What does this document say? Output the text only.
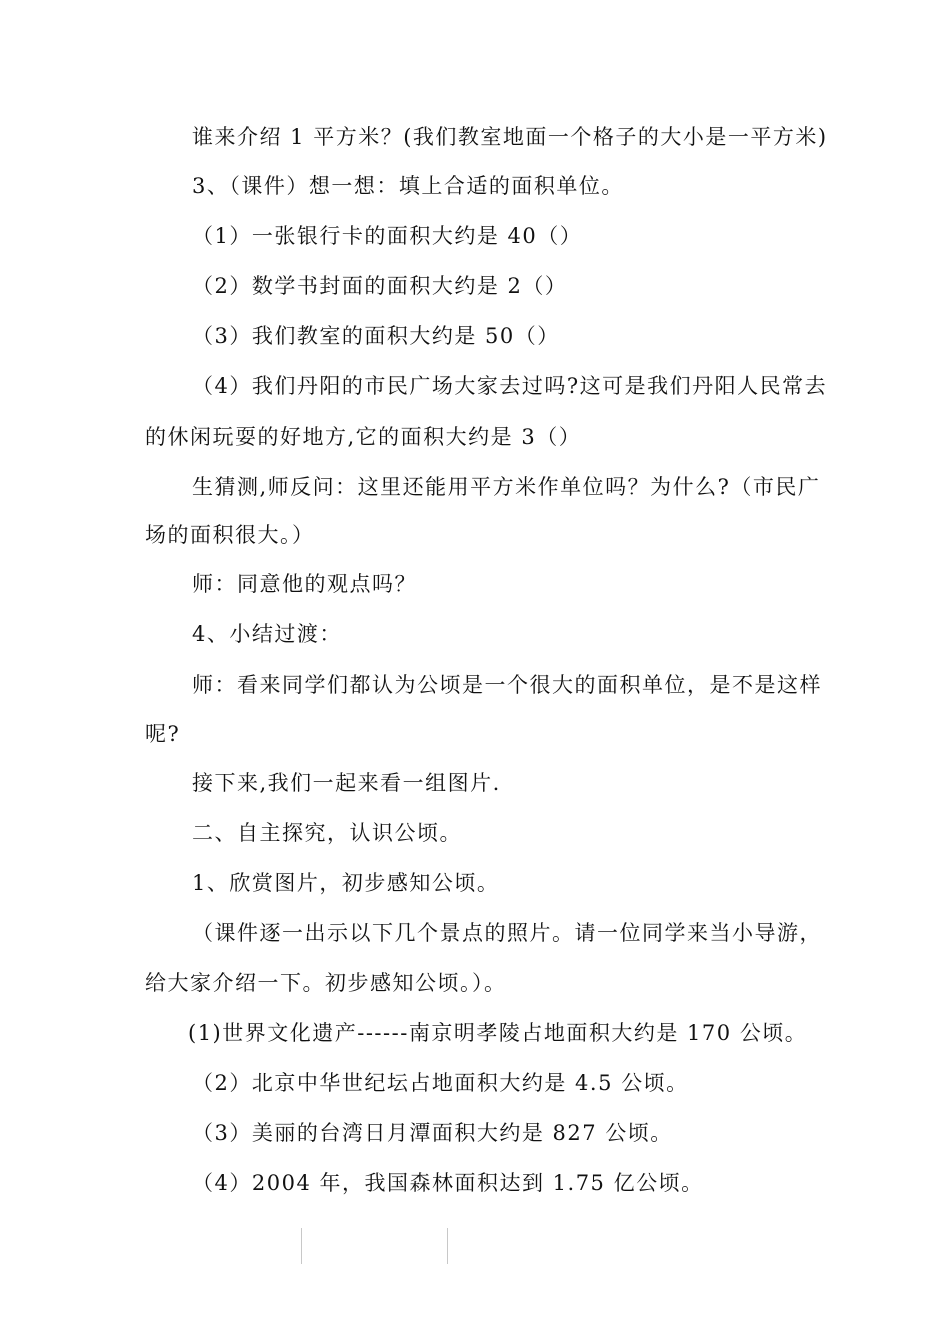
谁来介绍 1 平方米？(我们教室地面一个格子的大小是一平方米)
3、（课件）想一想：填上合适的面积单位。
（1）一张银行卡的面积大约是 40（）
（2）数学书封面的面积大约是 2（）
（3）我们教室的面积大约是 50（）
（4）我们丹阳的市民广场大家去过吗?这可是我们丹阳人民常去
的休闲玩耍的好地方,它的面积大约是 3（）
生猜测,师反问：这里还能用平方米作单位吗？为什么?（市民广
场的面积很大。）
师：同意他的观点吗？
4、小结过渡：
师：看来同学们都认为公顷是一个很大的面积单位，是不是这样
呢?
接下来,我们一起来看一组图片.
二、自主探究，认识公顷。
1、欣赏图片，初步感知公顷。
（课件逐一出示以下几个景点的照片。请一位同学来当小导游，
给大家介绍一下。初步感知公顷。）。
(1)世界文化遗产------南京明孝陵占地面积大约是 170 公顷。
（2）北京中华世纪坛占地面积大约是 4.5 公顷。
（3）美丽的台湾日月潭面积大约是 827 公顷。
（4）2004 年，我国森林面积达到 1.75 亿公顷。
